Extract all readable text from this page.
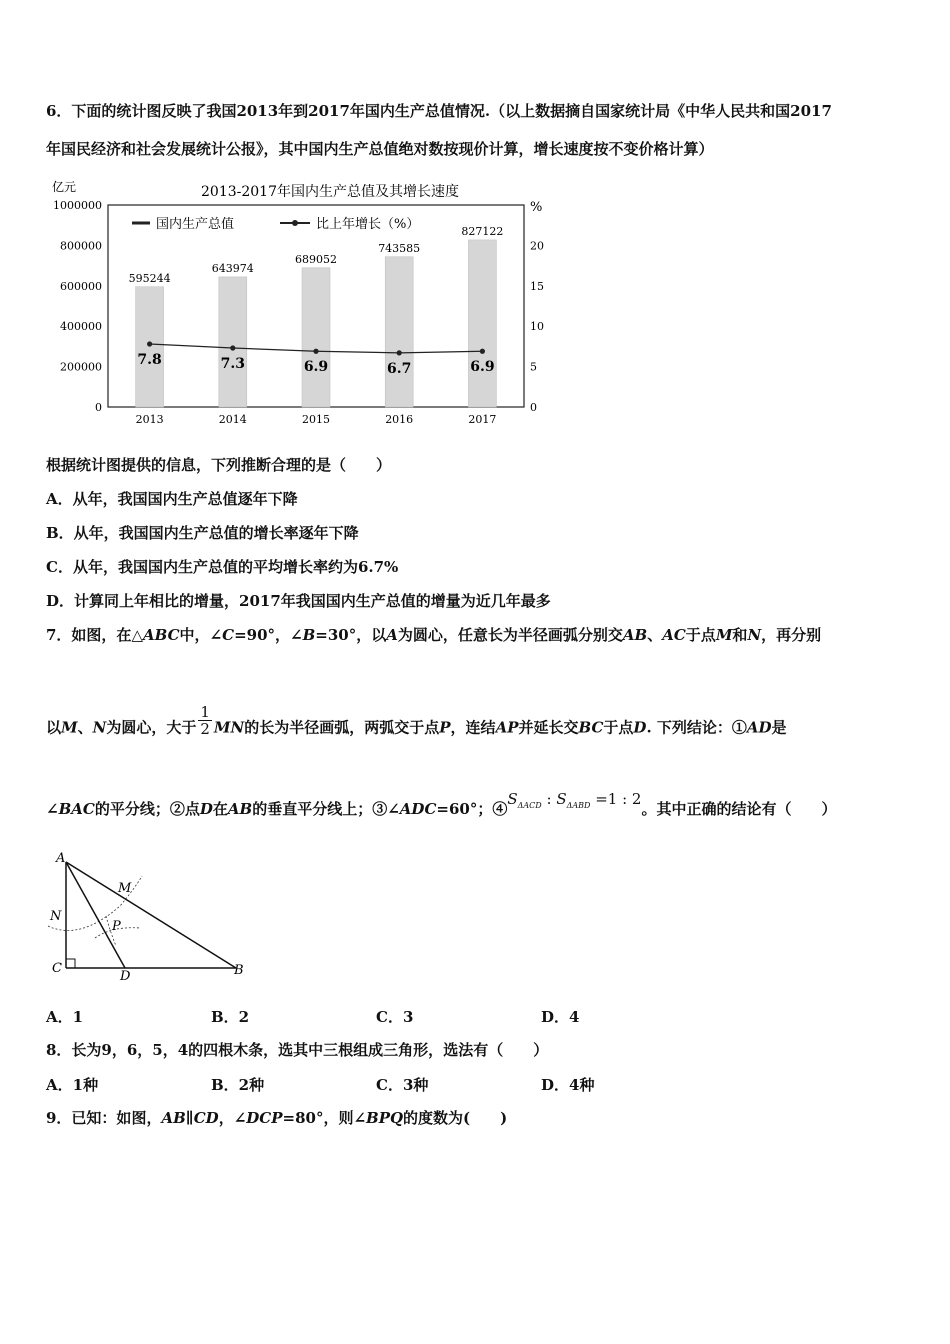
6．下面的统计图反映了我国2013年到2017年国内生产总值情况.（以上数据摘自国家统计局《中华人民共和国2017
年国民经济和社会发展统计公报》，其中国内生产总值绝对数按现价计算，增长速度按不变价格计算）
2013-2017年国内生产总值及其增长速度
亿元
%
0
200000
400000
600000
800000
1000000
0
5
10
15
20
国内生产总值	比上年增长（%）
595244
2013
643974
2014
689052
2015
743585
2016
827122
2017
7.8	7.3	6.9	6.7	6.9
根据统计图提供的信息，下列推断合理的是（　　）
A．从年，我国国内生产总值逐年下降
B．从年，我国国内生产总值的增长率逐年下降
C．从年，我国国内生产总值的平均增长率约为6.7%
D．计算同上年相比的增量，2017年我国国内生产总值的增量为近几年最多
7．如图，在△ABC中，∠C=90°，∠B=30°，以A为圆心，任意长为半径画弧分别交AB、AC于点M和N，再分别
以M、N为圆心，大于 $\frac{1}{2}$ MN的长为半径画弧，两弧交于点P，连结AP并延长交BC于点D. 下列结论：①AD是
∠BAC的平分线；②点D在AB的垂直平分线上；③∠ADC=60°；$④S_{\Delta ACD}$ : $S_{\Delta ABD} =1$ : 2。其中正确的结论有（　　）
A
B
C
D
M
N
P
A．1	B．2	C．3	D．4
8．长为9，6，5，4的四根木条，选其中三根组成三角形，选法有（　　）
A．1种	B．2种	C．3种	D．4种
9．已知：如图，AB∥CD，∠DCP=80°，则∠BPQ的度数为(　　)
